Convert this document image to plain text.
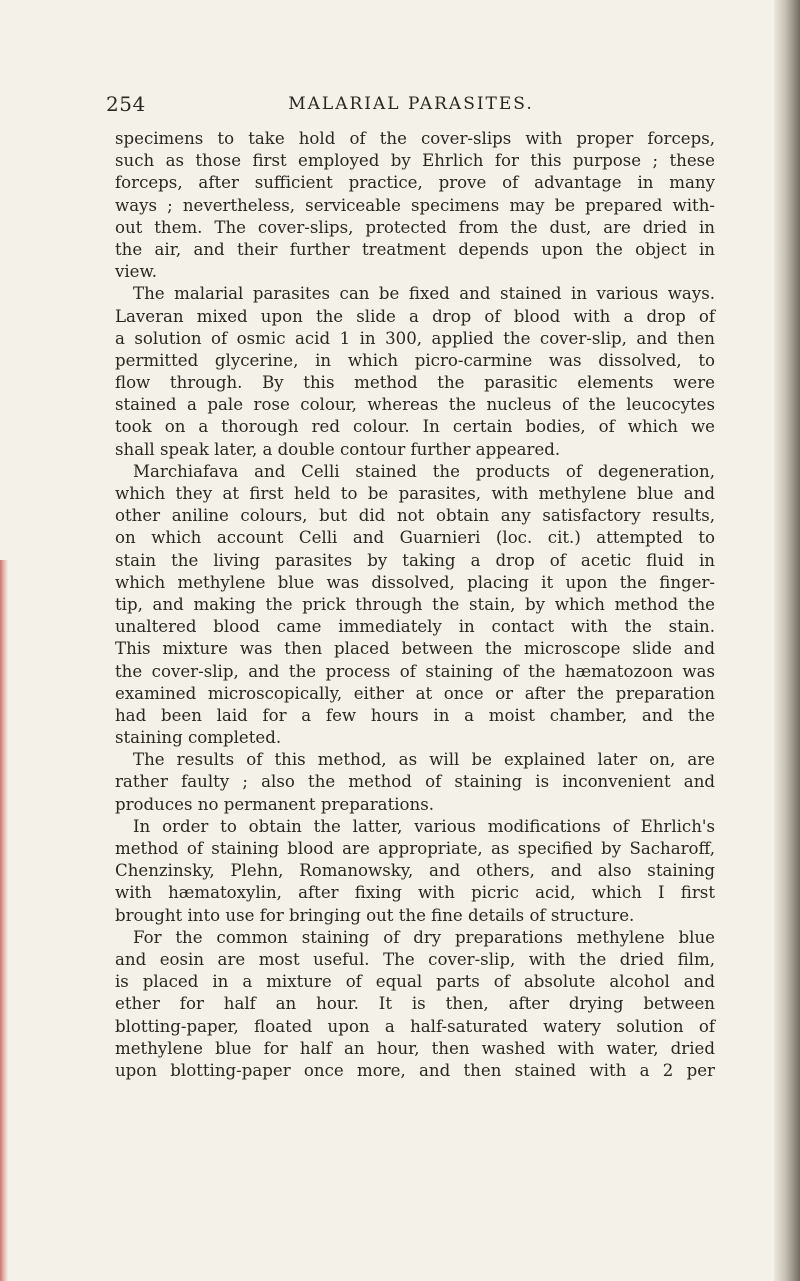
254	MALARIAL PARASITES.
specimens to take hold of the cover-slips with proper forceps,
such as those first employed by Ehrlich for this purpose ; these
forceps, after sufficient practice, prove of advantage in many
ways ; nevertheless, serviceable specimens may be prepared with-
out them. The cover-slips, protected from the dust, are dried in
the air, and their further treatment depends upon the object in
view.
The malarial parasites can be fixed and stained in various ways.
Laveran mixed upon the slide a drop of blood with a drop of
a solution of osmic acid 1 in 300, applied the cover-slip, and then
permitted glycerine, in which picro-carmine was dissolved, to
flow through. By this method the parasitic elements were
stained a pale rose colour, whereas the nucleus of the leucocytes
took on a thorough red colour. In certain bodies, of which we
shall speak later, a double contour further appeared.
Marchiafava and Celli stained the products of degeneration,
which they at first held to be parasites, with methylene blue and
other aniline colours, but did not obtain any satisfactory results,
on which account Celli and Guarnieri (loc. cit.) attempted to
stain the living parasites by taking a drop of acetic fluid in
which methylene blue was dissolved, placing it upon the finger-
tip, and making the prick through the stain, by which method the
unaltered blood came immediately in contact with the stain.
This mixture was then placed between the microscope slide and
the cover-slip, and the process of staining of the hæmatozoon was
examined microscopically, either at once or after the preparation
had been laid for a few hours in a moist chamber, and the
staining completed.
The results of this method, as will be explained later on, are
rather faulty ; also the method of staining is inconvenient and
produces no permanent preparations.
In order to obtain the latter, various modifications of Ehrlich's
method of staining blood are appropriate, as specified by Sacharoff,
Chenzinsky, Plehn, Romanowsky, and others, and also staining
with hæmatoxylin, after fixing with picric acid, which I first
brought into use for bringing out the fine details of structure.
For the common staining of dry preparations methylene blue
and eosin are most useful. The cover-slip, with the dried film,
is placed in a mixture of equal parts of absolute alcohol and
ether for half an hour. It is then, after drying between
blotting-paper, floated upon a half-saturated watery solution of
methylene blue for half an hour, then washed with water, dried
upon blotting-paper once more, and then stained with a 2 per
